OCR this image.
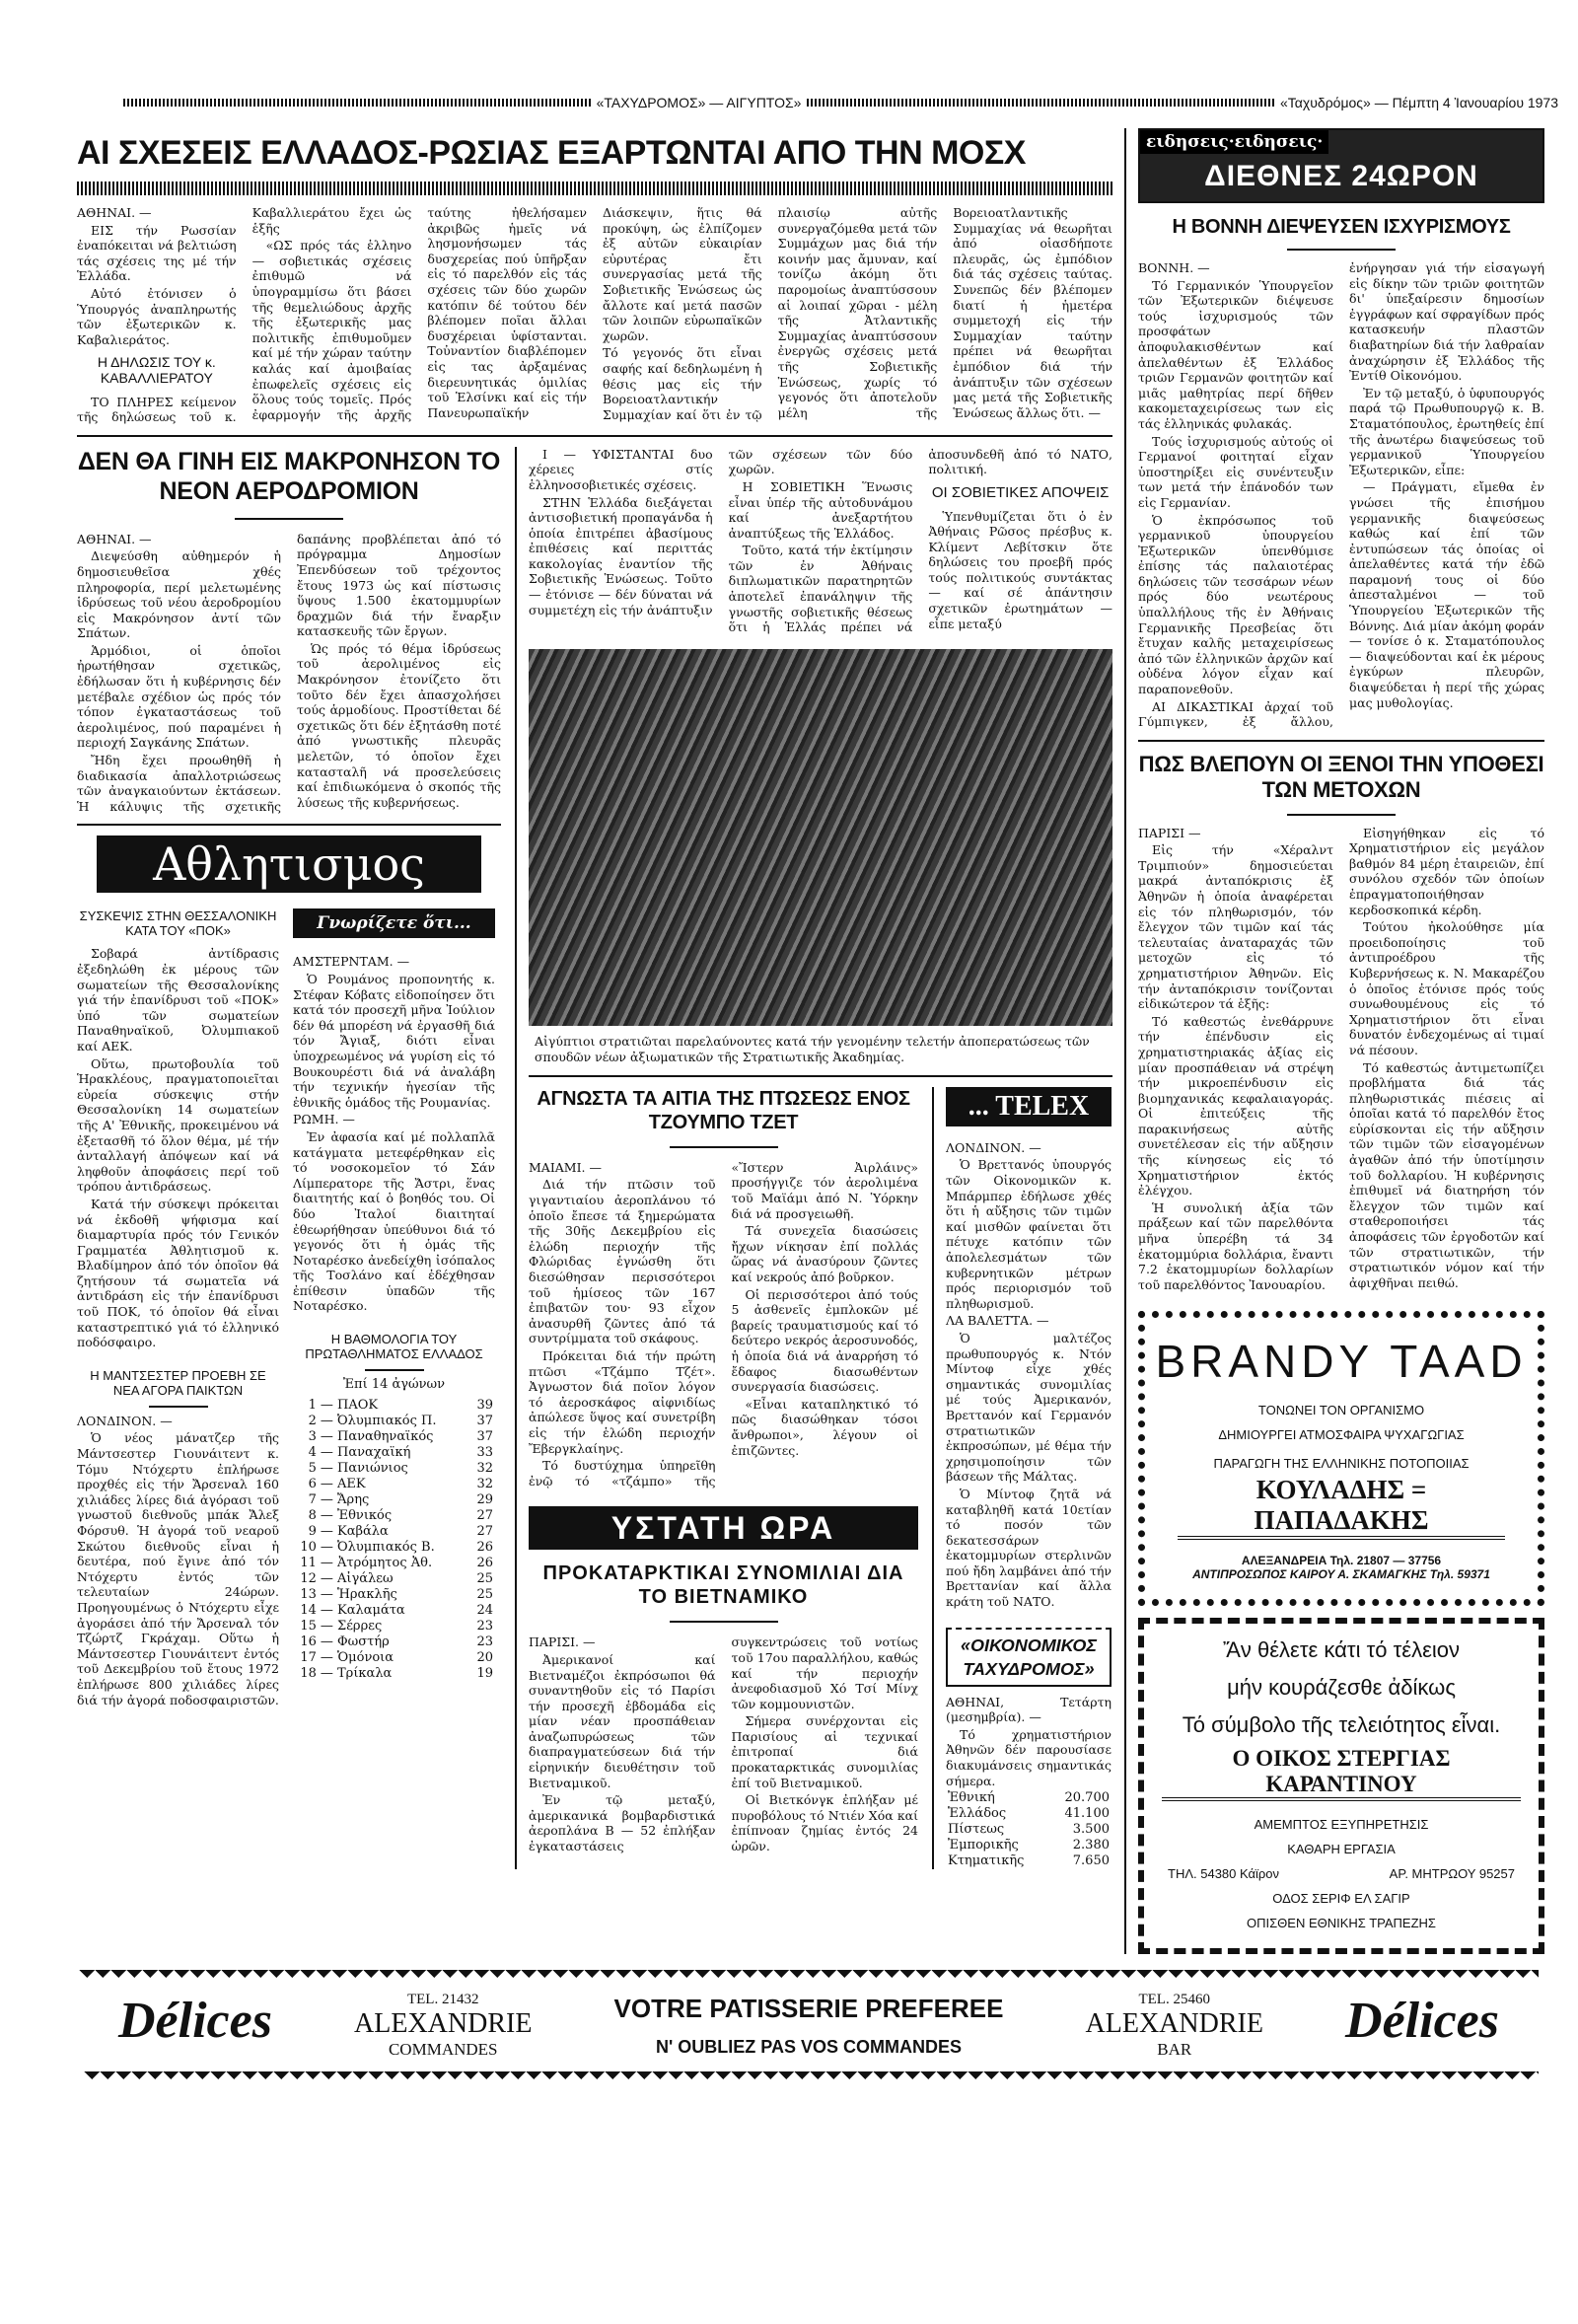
«ΤΑΧΥΔΡΟΜΟΣ» — ΑΙΓΥΠΤΟΣ»	«Ταχυδρόμος» — Πέμπτη 4 Ἰανουαρίου 1973
ΑΙ ΣΧΕΣΕΙΣ ΕΛΛΑΔΟΣ-ΡΩΣΙΑΣ ΕΞΑΡΤΩΝΤΑΙ ΑΠΟ ΤΗΝ ΜΟΣΧ

ΑΘΗΝΑΙ. —

ΕΙΣ τήν Ρωσσίαν ἐναπόκειται νά βελτιώση τάς σχέσεις της μέ τήν Ἑλλάδα.

Αὐτό ἐτόνισεν ὁ Ὑπουργός ἀναπληρωτής τῶν ἐξωτερικῶν κ. Καβαλιεράτος.

Η ΔΗΛΩΣΙΣ ΤΟΥ κ. ΚΑΒΑΛΛΙΕΡΑΤΟΥ

ΤΟ ΠΛΗΡΕΣ κείμενον τῆς δηλώσεως τοῦ κ. Καβαλλιεράτου ἔχει ὡς ἑξῆς

«ΩΣ πρός τάς ἑλληνο — σοβιετικάς σχέσεις ἐπιθυμῶ νά ὑπογραμμίσω ὅτι βάσει τῆς θεμελιώδους ἀρχῆς τῆς ἐξωτερικῆς μας πολιτικῆς ἐπιθυμοῦμεν καί μέ τήν χώραν ταύτην καλάς καί ἀμοιβαίας ἐπωφελεῖς σχέσεις εἰς ὅλους τούς τομεῖς. Πρός ἐφαρμογήν τῆς ἀρχῆς ταύτης ἠθελήσαμεν ἀκριβῶς ἡμεῖς νά λησμονήσωμεν τάς δυσχερείας πού ὑπῆρξαν εἰς τό παρελθόν εἰς τάς σχέσεις τῶν δύο χωρῶν κατόπιν δέ τούτου δέν βλέπομεν ποῖαι ἄλλαι δυσχέρειαι ὑφίστανται. Τοὐναντίον διαβλέπομεν εἰς τας ἀρξαμένας διερευνητικάς ὁμιλίας τοῦ Ἑλσίνκι καί εἰς τήν Πανευρωπαϊκήν Διάσκεψιν, ἥτις θά προκύψη, ὡς ἐλπίζομεν ἐξ αὐτῶν εὐκαιρίαν εὐρυτέρας ἔτι συνεργασίας μετά τῆς Σοβιετικῆς Ἑνώσεως ὡς ἄλλοτε καί μετά πασῶν τῶν λοιπῶν εὐρωπαϊκῶν χωρῶν.

Τό γεγονός ὅτι εἶναι σαφής καί δεδηλωμένη ἡ θέσις μας εἰς τήν Βορειοατλαντικήν Συμμαχίαν καί ὅτι ἐν τῷ πλαισίῳ αὐτῆς συνεργαζόμεθα μετά τῶν Συμμάχων μας διά τήν κοινήν μας ἄμυναν, καί τονίζω ἀκόμη ὅτι παρομοίως ἀναπτύσσουν αἱ λοιπαί χῶραι - μέλη τῆς Ἀτλαντικῆς Συμμαχίας ἀναπτύσσουν ἐνεργῶς σχέσεις μετά τῆς Σοβιετικῆς Ἑνώσεως, χωρίς τό γεγονός ὅτι ἀποτελοῦν μέλη τῆς Βορειοατλαντικῆς Συμμαχίας νά θεωρῆται ἀπό οἱασδήποτε πλευρᾶς, ὡς ἐμπόδιον διά τάς σχέσεις ταύτας. Συνεπῶς δέν βλέπομεν διατί ἡ ἡμετέρα συμμετοχή εἰς τήν Συμμαχίαν ταύτην πρέπει νά θεωρῆται ἐμπόδιον διά τήν ἀνάπτυξιν τῶν σχέσεων μας μετά τῆς Σοβιετικῆς Ἑνώσεως ἄλλως ὅτι. —

ΔΕΝ ΘΑ ΓΙΝΗ ΕΙΣ ΜΑΚΡΟΝΗΣΟΝ ΤΟ ΝΕΟΝ ΑΕΡΟΔΡΟΜΙΟΝ

ΑΘΗΝΑΙ. —

Διεψεύσθη αὐθημερόν ἡ δημοσιευθεῖσα χθές πληροφορία, περί μελετωμένης ἱδρύσεως τοῦ νέου ἀεροδρομίου εἰς Μακρόνησον ἀντί τῶν Σπάτων.

Ἁρμόδιοι, οἱ ὁποῖοι ἠρωτήθησαν σχετικῶς, ἐδήλωσαν ὅτι ἡ κυβέρνησις δέν μετέβαλε σχέδιον ὡς πρός τόν τόπον ἐγκαταστάσεως τοῦ ἀερολιμένος, πού παραμένει ἡ περιοχή Σαγκάνης Σπάτων.

Ἤδη ἔχει προωθηθῆ ἡ διαδικασία ἀπαλλοτριώσεως τῶν ἀναγκαιούντων ἐκτάσεων. Ἡ κάλυψις τῆς σχετικῆς δαπάνης προβλέπεται ἀπό τό πρόγραμμα Δημοσίων Ἐπενδύσεων τοῦ τρέχοντος ἔτους 1973 ὡς καί πίστωσις ὕψους 1.500 ἑκατομμυρίων δραχμῶν διά τήν ἔναρξιν κατασκευῆς τῶν ἔργων.

Ὡς πρός τό θέμα ἱδρύσεως τοῦ ἀερολιμένος εἰς Μακρόνησον ἐτονίζετο ὅτι τοῦτο δέν ἔχει ἀπασχολήσει τούς ἁρμοδίους. Προστίθεται δέ σχετικῶς ὅτι δέν ἐξητάσθη ποτέ ἀπό γνωστικῆς πλευρᾶς μελετῶν, τό ὁποῖον ἔχει κατασταλῆ νά προσελεύσεις καί ἐπιδιωκόμενα ὁ σκοπός τῆς λύσεως τῆς κυβερνήσεως.

Αθλητισμος
ΣΥΣΚΕΨΙΣ ΣΤΗΝ ΘΕΣΣΑΛΟΝΙΚΗ ΚΑΤΑ ΤΟΥ «ΠΟΚ»

Σοβαρά ἀντίδρασις ἐξεδηλώθη ἐκ μέρους τῶν σωματείων τῆς Θεσσαλονίκης γιά τήν ἐπανίδρυσι τοῦ «ΠΟΚ» ὑπό τῶν σωματείων Παναθηναϊκοῦ, Ὀλυμπιακοῦ καί ΑΕΚ.

Οὕτω, πρωτοβουλία τοῦ Ἡρακλέους, πραγματοποιεῖται εὐρεία σύσκεψις στήν Θεσσαλονίκη 14 σωματείων τῆς Α' Ἐθνικῆς, προκειμένου νά ἐξετασθῆ τό ὅλον θέμα, μέ τήν ἀνταλλαγή ἀπόψεων καί νά ληφθοῦν ἀποφάσεις περί τοῦ τρόπου ἀντιδράσεως.

Κατά τήν σύσκεψι πρόκειται νά ἐκδοθῆ ψήφισμα καί διαμαρτυρία πρός τόν Γενικόν Γραμματέα Ἀθλητισμοῦ κ. Βλαδίμηρον ἀπό τόν ὁποῖον θά ζητήσουν τά σωματεῖα νά ἀντιδράση εἰς τήν ἐπανίδρυσι τοῦ ΠΟΚ, τό ὁποῖον θά εἶναι καταστρεπτικό γιά τό ἑλληνικό ποδόσφαιρο.

Η ΜΑΝΤΣΕΣΤΕΡ ΠΡΟΕΒΗ ΣΕ ΝΕΑ ΑΓΟΡΑ ΠΑΙΚΤΩΝ

ΛΟΝΔΙΝΟΝ. —

Ὁ νέος μάνατζερ τῆς Μάντσεστερ Γιουνάιτεντ κ. Τόμυ Ντόχερτυ ἐπλήρωσε προχθές εἰς τήν Ἄρσεναλ 160 χιλιάδες λίρες διά ἀγόρασι τοῦ γνωστοῦ διεθνοῦς μπάκ Ἄλεξ Φόρσυθ. Ἡ ἀγορά τοῦ νεαροῦ Σκώτου διεθνοῦς εἶναι ἡ δευτέρα, πού ἔγινε ἀπό τόν Ντόχερτυ ἐντός τῶν τελευταίων 24ώρων. Προηγουμένως ὁ Ντόχερτυ εἶχε ἀγοράσει ἀπό τήν Ἄρσεναλ τόν Τζώρτζ Γκράχαμ. Οὕτω ἡ Μάντσεστερ Γιουνάιτεντ ἐντός τοῦ Δεκεμβρίου τοῦ ἔτους 1972 ἐπλήρωσε 800 χιλιάδες λίρες διά τήν ἀγορά ποδοσφαιριστῶν.

Γνωρίζετε ὅτι...

ΑΜΣΤΕΡΝΤΑΜ. —

Ὁ Ρουμάνος προπονητής κ. Στέφαν Κόβατς εἰδοποίησεν ὅτι κατά τόν προσεχῆ μῆνα Ἰούλιον δέν θά μπορέση νά ἐργασθῆ διά τόν Ἄγιαξ, διότι εἶναι ὑποχρεωμένος νά γυρίση εἰς τό Βουκουρέστι διά νά ἀναλάβη τήν τεχνικήν ἡγεσίαν τῆς ἐθνικῆς ὁμάδος τῆς Ρουμανίας.

ΡΩΜΗ. —

Ἐν ἀφασία καί μέ πολλαπλᾶ κατάγματα μετεφέρθηκαν εἰς τό νοσοκομεῖον τό Σάν Λίμπερατορε τῆς Ἄστρι, ἕνας διαιτητής καί ὁ βοηθός του. Οἱ δύο Ἰταλοί διαιτηταί ἐθεωρήθησαν ὑπεύθυνοι διά τό γεγονός ὅτι ἡ ὁμάς τῆς Νοταρέσκο ἀνεδείχθη ἰσόπαλος τῆς Τοσλάνο καί ἐδέχθησαν ἐπίθεσιν ὑπαδῶν τῆς Νοταρέσκο.

Η ΒΑΘΜΟΛΟΓΙΑ ΤΟΥ ΠΡΩΤΑΘΛΗΜΑΤΟΣ ΕΛΛΑΔΟΣ
Ἐπί 14 ἀγώνων
1	— ΠΑΟΚ	39
2	— Ὀλυμπιακός Π.	37
3	— Παναθηναϊκός	37
4	— Παναχαϊκή	33
5	— Πανιώνιος	32
6	— ΑΕΚ	32
7	— Ἄρης	29
8	— Ἐθνικός	27
9	— Καβάλα	27
10	— Ὀλυμπιακός Β.	26
11	— Ἀτρόμητος Ἀθ.	26
12	— Αἰγάλεω	25
13	— Ἡρακλῆς	25
14	— Καλαμάτα	24
15	— Σέρρες	23
16	— Φωστήρ	23
17	— Ὁμόνοια	20
18	— Τρίκαλα	19

Ι — ΥΦΙΣΤΑΝΤΑΙ δυο χέρειες στίς ἑλληνοσοβιετικές σχέσεις.

ΣΤΗΝ Ἑλλάδα διεξάγεται ἀντισοβιετική προπαγάνδα ἡ ὁποία ἐπιτρέπει ἀβασίμους ἐπιθέσεις καί περιττάς κακολογίας ἐναντίον τῆς Σοβιετικῆς Ἑνώσεως. Τοῦτο — ἐτόνισε — δέν δύναται νά συμμετέχη εἰς τήν ἀνάπτυξιν τῶν σχέσεων τῶν δύο χωρῶν.

Η ΣΟΒΙΕΤΙΚΗ Ἕνωσις εἶναι ὑπέρ τῆς αὐτοδυνάμου καί ἀνεξαρτήτου ἀναπτύξεως τῆς Ἑλλάδος.

Τοῦτο, κατά τήν ἐκτίμησιν τῶν ἐν Ἀθήναις διπλωματικῶν παρατηρητῶν ἀποτελεῖ ἐπανάληψιν τῆς γνωστῆς σοβιετικῆς θέσεως ὅτι ἡ Ἑλλάς πρέπει νά ἀποσυνδεθῆ ἀπό τό ΝΑΤΟ, πολιτική.

ΟΙ ΣΟΒΙΕΤΙΚΕΣ ΑΠΟΨΕΙΣ

Ὑπενθυμίζεται ὅτι ὁ ἐν Ἀθήναις Ρῶσος πρέσβυς κ. Κλίμεντ Λεβίτσκιν ὅτε δηλώσεις του προεβῆ πρός τούς πολιτικούς συντάκτας — καί σέ ἀπάντησιν σχετικῶν ἐρωτημάτων — εἶπε μεταξύ

Αἰγύπτιοι στρατιῶται παρελαύνοντες κατά τήν γενομένην τελετήν ἀποπερατώσεως τῶν σπουδῶν νέων ἀξιωματικῶν τῆς Στρατιωτικῆς Ἀκαδημίας.
ΑΓΝΩΣΤΑ ΤΑ ΑΙΤΙΑ ΤΗΣ ΠΤΩΣΕΩΣ ΕΝΟΣ ΤΖΟΥΜΠΟ ΤΖΕΤ

ΜΑΙΑΜΙ. —

Διά τήν πτῶσιν τοῦ γιγαντιαίου ἀεροπλάνου τό ὁποῖο ἔπεσε τά ξημερώματα τῆς 30ῆς Δεκεμβρίου εἰς ἑλώδη περιοχήν τῆς Φλώριδας ἐγνώσθη ὅτι διεσώθησαν περισσότεροι τοῦ ἡμίσεος τῶν 167 ἐπιβατῶν του· 93 εἶχον ἀνασυρθῆ ζῶντες ἀπό τά συντρίμματα τοῦ σκάφους.

Πρόκειται διά τήν πρώτη πτῶσι «Τζάμπο Τζέτ». Ἀγνωστον διά ποῖον λόγον τό ἀεροσκάφος αἰφνιδίως ἀπώλεσε ὕψος καί συνετρίβη εἰς τήν ἑλώδη περιοχήν Ἔβεργκλαίηνς.

Τό δυστύχημα ὑπηρεῖθη ἐνῷ τό «τζάμπο» τῆς «Ἴστερν Ἀιρλάινς» προσήγγιζε τόν ἀερολιμένα τοῦ Μαϊάμι ἀπό Ν. Ὑόρκην διά νά προσγειωθῆ.

Τά συνεχεῖα διασώσεις ἤχων νίκησαν ἐπί πολλάς ὥρας νά ἀνασύρουν ζῶντες καί νεκρούς ἀπό βοῦρκον.

Οἱ περισσότεροι ἀπό τούς 5 ἀσθενεῖς ἐμπλοκῶν μέ βαρείς τραυματισμούς καί τό δεύτερο νεκρός ἀεροσυνοδός, ἡ ὁποία διά νά ἀναρρήση τό ἔδαφος διασωθέντων συνεργασία διασώσεις.

«Εἶναι καταπληκτικό τό πῶς διασώθηκαν τόσοι ἄνθρωποι», λέγουν οἱ ἐπιζῶντες.

ΥΣΤΑΤΗ ΩΡΑ
ΠΡΟΚΑΤΑΡΚΤΙΚΑΙ ΣΥΝΟΜΙΛΙΑΙ ΔΙΑ ΤΟ ΒΙΕΤΝΑΜΙΚΟ

ΠΑΡΙΣΙ. —

Ἀμερικανοί καί Βιετναμέζοι ἐκπρόσωποι θά συναντηθοῦν εἰς τό Παρίσι τήν προσεχῆ ἑβδομάδα εἰς μίαν νέαν προσπάθειαν ἀναζωπυρώσεως τῶν διαπραγματεύσεων διά τήν εἰρηνικήν διευθέτησιν τοῦ Βιετναμικοῦ.

Ἐν τῷ μεταξύ, ἀμερικανικά βομβαρδιστικά ἀεροπλάνα Β — 52 ἐπλήξαν ἐγκαταστάσεις συγκεντρώσεις τοῦ νοτίως τοῦ 17ου παραλλήλου, καθώς καί τήν περιοχήν ἀνεφοδιασμοῦ Χό Τσί Μίνχ τῶν κομμουνιστῶν.

Σήμερα συνέρχονται εἰς Παρισίους αἱ τεχνικαί ἐπιτροπαί διά προκαταρκτικάς συνομιλίας ἐπί τοῦ Βιετναμικοῦ.

Οἱ Βιετκόνγκ ἐπλήξαν μέ πυροβόλους τό Ντιέν Χόα καί ἐπίπνοαν ζημίας ἐντός 24 ὡρῶν.

... TELEX

ΛΟΝΔΙΝΟΝ. —

Ὁ Βρεττανός ὑπουργός τῶν Οἰκονομικῶν κ. Μπάρμπερ ἐδήλωσε χθές ὅτι ἡ αὔξησις τῶν τιμῶν καί μισθῶν φαίνεται ὅτι πέτυχε κατόπιν τῶν ἀπολελεσμάτων τῶν κυβερνητικῶν μέτρων πρός περιορισμόν τοῦ πληθωρισμοῦ.

ΛΑ ΒΑΛΕΤΤΑ. —

Ὁ μαλτέζος πρωθυπουργός κ. Ντόν Μίντοφ εἶχε χθές σημαντικάς συνομιλίας μέ τούς Ἀμερικανόν, Βρεττανόν καί Γερμανόν στρατιωτικῶν ἐκπροσώπων, μέ θέμα τήν χρησιμοποίησιν τῶν βάσεων τῆς Μάλτας.

Ὁ Μίντοφ ζητᾶ νά καταβληθῆ κατά 10ετίαν τό ποσόν τῶν δεκατεσσάρων ἑκατομμυρίων στερλινῶν πού ἤδη λαμβάνει ἀπό τήν Βρεττανίαν καί ἄλλα κράτη τοῦ ΝΑΤΟ.

«ΟΙΚΟΝΟΜΙΚΟΣ ΤΑΧΥΔΡΟΜΟΣ»

ΑΘΗΝΑΙ, Τετάρτη (μεσημβρία). —

Τό χρηματιστήριον Ἀθηνῶν δέν παρουσίασε διακυμάνσεις σημαντικάς σήμερα.

Ἐθνική	20.700
Ἑλλάδος	41.100
Πίστεως	3.500
Ἐμπορικῆς	2.380
Κτηματικῆς	7.650
ειδησεις·ειδησεις·
ΔΙΕΘΝΕΣ 24ΩΡΟΝ
Η ΒΟΝΝΗ ΔΙΕΨΕΥΣΕΝ ΙΣΧΥΡΙΣΜΟΥΣ

ΒΟΝΝΗ. —

Τό Γερμανικόν Ὑπουργεῖον τῶν Ἐξωτερικῶν διέψευσε τούς ἰσχυρισμούς τῶν προσφάτων ἀποφυλακισθέντων καί ἀπελαθέντων ἐξ Ἑλλάδος τριῶν Γερμανῶν φοιτητῶν καί μιᾶς μαθητρίας περί δῆθεν κακομεταχειρίσεως των εἰς τάς ἑλληνικάς φυλακάς.

Τούς ἰσχυρισμούς αὐτούς οἱ Γερμανοί φοιτηταί εἶχαν ὑποστηρίξει εἰς συνέντευξιν των μετά τήν ἐπάνοδόν των εἰς Γερμανίαν.

Ὁ ἐκπρόσωπος τοῦ γερμανικοῦ ὑπουργείου Ἐξωτερικῶν ὑπενθύμισε ἐπίσης τάς παλαιοτέρας δηλώσεις τῶν τεσσάρων νέων πρός δύο νεωτέρους ὑπαλλήλους τῆς ἐν Ἀθήναις Γερμανικῆς Πρεσβείας ὅτι ἔτυχαν καλῆς μεταχειρίσεως ἀπό τῶν ἑλληνικῶν ἀρχῶν καί οὐδένα λόγον εἶχαν καί παραπονεθοῦν.

ΑΙ ΔΙΚΑΣΤΙΚΑΙ ἀρχαί τοῦ Γύμπιγκεν, ἐξ ἄλλου, ἐνήργησαν γιά τήν εἰσαγωγή εἰς δίκην τῶν τριῶν φοιτητῶν δι' ὑπεξαίρεσιν δημοσίων ἐγγράφων καί σφραγίδων πρός κατασκευήν πλαστῶν διαβατηρίων διά τήν λαθραίαν ἀναχώρησιν ἐξ Ἑλλάδος τῆς Ἐντίθ Οἰκονόμου.

Ἐν τῷ μεταξύ, ὁ ὑφυπουργός παρά τῷ Πρωθυπουργῷ κ. Β. Σταματόπουλος, ἐρωτηθείς ἐπί τῆς ἀνωτέρω διαψεύσεως τοῦ γερμανικοῦ Ὑπουργείου Ἐξωτερικῶν, εἶπε:

— Πράγματι, εἴμεθα ἐν γνώσει τῆς ἐπισήμου γερμανικῆς διαψεύσεως καθώς καί ἐπί τῶν ἐντυπώσεων τάς ὁποίας οἱ ἀπελαθέντες κατά τήν ἐδῶ παραμονή τους οἱ δύο ἀπεσταλμένοι — τοῦ Ὑπουργείου Ἐξωτερικῶν τῆς Βόννης. Διά μίαν ἀκόμη φοράν — τονίσε ὁ κ. Σταματόπουλος — διαψεύδονται καί ἐκ μέρους ἐγκύρων πλευρῶν, διαψεύδεται ἡ περί τῆς χώρας μας μυθολογίας.

ΠΩΣ ΒΛΕΠΟΥΝ ΟΙ ΞΕΝΟΙ ΤΗΝ ΥΠΟΘΕΣΙ ΤΩΝ ΜΕΤΟΧΩΝ

ΠΑΡΙΣΙ —

Εἰς τήν «Χέραλντ Τριμπιούν» δημοσιεύεται μακρά ἀνταπόκρισις ἐξ Ἀθηνῶν ἡ ὁποία ἀναφέρεται εἰς τόν πληθωρισμόν, τόν ἔλεγχον τῶν τιμῶν καί τάς τελευταίας ἀναταραχάς τῶν μετοχῶν εἰς τό χρηματιστήριον Ἀθηνῶν. Εἰς τήν ἀνταπόκρισιν τονίζονται εἰδικώτερον τά ἑξῆς:

Τό καθεστώς ἐνεθάρρυνε τήν ἐπένδυσιν εἰς χρηματιστηριακάς ἀξίας εἰς μίαν προσπάθειαν νά στρέψη τήν μικροεπένδυσιν εἰς βιομηχανικάς κεφαλαιαγοράς. Οἱ ἐπιτεύξεις τῆς παρακινήσεως αὐτῆς συνετέλεσαν εἰς τήν αὔξησιν τῆς κίνησεως εἰς τό Χρηματιστήριον ἐκτός ἐλέγχου.

Ἡ συνολική ἀξία τῶν πράξεων καί τῶν παρελθόντα μῆνα ὑπερέβη τά 34 ἑκατομμύρια δολλάρια, ἔναντι 7.2 ἑκατομμυρίων δολλαρίων τοῦ παρελθόντος Ἰανουαρίου.

Εἰσηγήθηκαν εἰς τό Χρηματιστήριον εἰς μεγάλον βαθμόν 84 μέρη ἑταιρειῶν, ἐπί συνόλου σχεδόν τῶν ὁποίων ἐπραγματοποιήθησαν κερδοσκοπικά κέρδη.

Τούτου ἠκολούθησε μία προειδοποίησις τοῦ ἀντιπροέδρου τῆς Κυβερνήσεως κ. Ν. Μακαρέζου ὁ ὁποῖος ἐτόνισε πρός τούς συνωθουμένους εἰς τό Χρηματιστήριον ὅτι εἶναι δυνατόν ἐνδεχομένως αἱ τιμαί νά πέσουν.

Τό καθεστώς ἀντιμετωπίζει προβλήματα διά τάς πληθωριστικάς πιέσεις αἱ ὁποῖαι κατά τό παρελθόν ἔτος εὑρίσκονται εἰς τήν αὔξησιν τῶν τιμῶν τῶν εἰσαγομένων ἀγαθῶν ἀπό τήν ὑποτίμησιν τοῦ δολλαρίου. Ἡ κυβέρνησις ἐπιθυμεῖ νά διατηρήση τόν ἔλεγχον τῶν τιμῶν καί σταθεροποιήσει τάς ἀποφάσεις τῶν ἐργοδοτῶν καί τῶν στρατιωτικῶν, τήν στρατιωτικόν νόμον καί τήν ἀφιχθῆναι πειθώ.

BRANDY TAAD
ΤΟΝΩΝΕΙ ΤΟΝ ΟΡΓΑΝΙΣΜΟ
ΔΗΜΙΟΥΡΓΕΙ ΑΤΜΟΣΦΑΙΡΑ ΨΥΧΑΓΩΓΙΑΣ
ΠΑΡΑΓΩΓΗ ΤΗΣ ΕΛΛΗΝΙΚΗΣ ΠΟΤΟΠΟΙΙΑΣ
ΚΟΥΛΑΔΗΣ = ΠΑΠΑΔΑΚΗΣ
ΑΛΕΞΑΝΔΡΕΙΑ Τηλ. 21807 — 37756
ΑΝΤΙΠΡΟΣΩΠΟΣ ΚΑΙΡΟΥ Α. ΣΚΑΜΑΓΚΗΣ Τηλ. 59371
Ἄν θέλετε κάτι τό τέλειον
μήν κουράζεσθε ἀδίκως
Τό σύμβολο τῆς τελειότητος εἶναι.
Ο ΟΙΚΟΣ ΣΤΕΡΓΙΑΣ ΚΑΡΑΝΤΙΝΟΥ
ΑΜΕΜΠΤΟΣ ΕΞΥΠΗΡΕΤΗΣΙΣ
ΚΑΘΑΡΗ ΕΡΓΑΣΙΑ
ΤΗΛ. 54380 Κάϊρον	ΑΡ. ΜΗΤΡΩΟΥ 95257
ΟΔΟΣ ΣΕΡΙΦ ΕΛ ΣΑΓΙΡ
ΟΠΙΣΘΕΝ ΕΘΝΙΚΗΣ ΤΡΑΠΕΖΗΣ
Délices	TEL. 21432
ALEXANDRIE
COMMANDES
VOTRE PATISSERIE PREFEREE
N' OUBLIEZ PAS VOS COMMANDES
TEL. 25460
ALEXANDRIE
BAR
Délices
